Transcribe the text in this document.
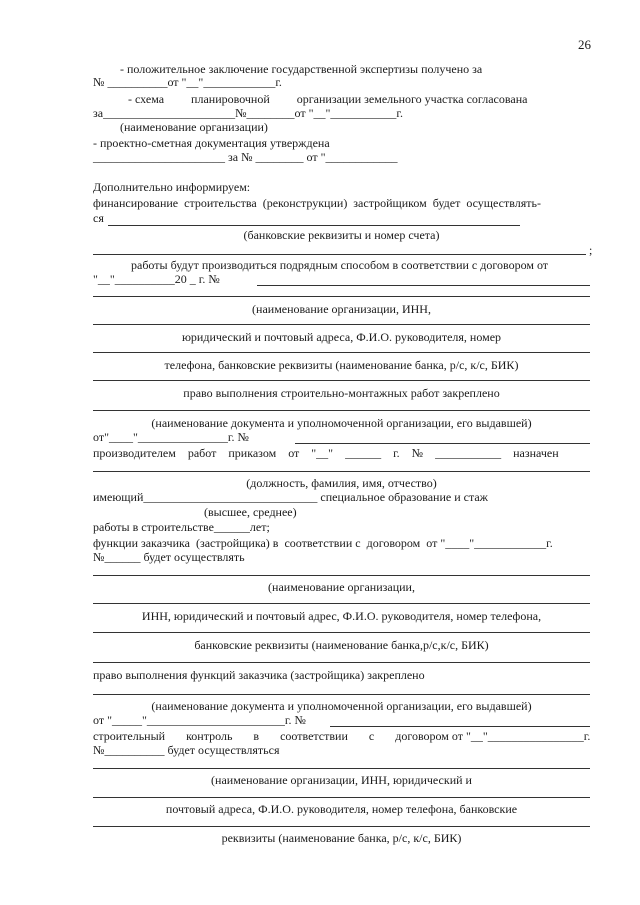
26
- положительное заключение государственной экспертизы получено за
№ __________от "__"____________г.
- схема         планировочной         организации земельного участка согласована
за______________________№________от "__"___________г.
(наименование организации)
- проектно-сметная документация утверждена
______________________ за № ________ от "____________
Дополнительно информируем:
финансирование  строительства  (реконструкции)  застройщиком  будет  осуществлять-
ся
(банковские реквизиты и номер счета)
;
работы будут производиться подрядным способом в соответствии с договором от
"__"__________20 _ г. №
(наименование организации, ИНН,
юридический и почтовый адреса, Ф.И.О. руководителя, номер
телефона, банковские реквизиты (наименование банка, р/с, к/с, БИК)
право выполнения строительно-монтажных работ закреплено
(наименование документа и уполномоченной организации, его выдавшей)
от"____"_______________г. №
производителем    работ    приказом    от    "__"    ______    г.    №    ___________    назначен
(должность, фамилия, имя, отчество)
имеющий_____________________________ специальное образование и стаж
(высшее, среднее)
работы в строительстве______лет;
функции заказчика  (застройщика) в  соответствии с  договором  от "____"____________г.
№______ будет осуществлять
(наименование организации,
ИНН, юридический и почтовый адрес, Ф.И.О. руководителя, номер телефона,
банковские реквизиты (наименование банка,р/с,к/с, БИК)
право выполнения функций заказчика (застройщика) закреплено
(наименование документа и уполномоченной организации, его выдавшей)
от "_____"_______________________г. №
строительный       контроль       в       соответствии       с       договором от "__"________________г.
№__________ будет осуществляться
(наименование организации, ИНН, юридический и
почтовый адреса, Ф.И.О. руководителя, номер телефона, банковские
реквизиты (наименование банка, р/с, к/с, БИК)
